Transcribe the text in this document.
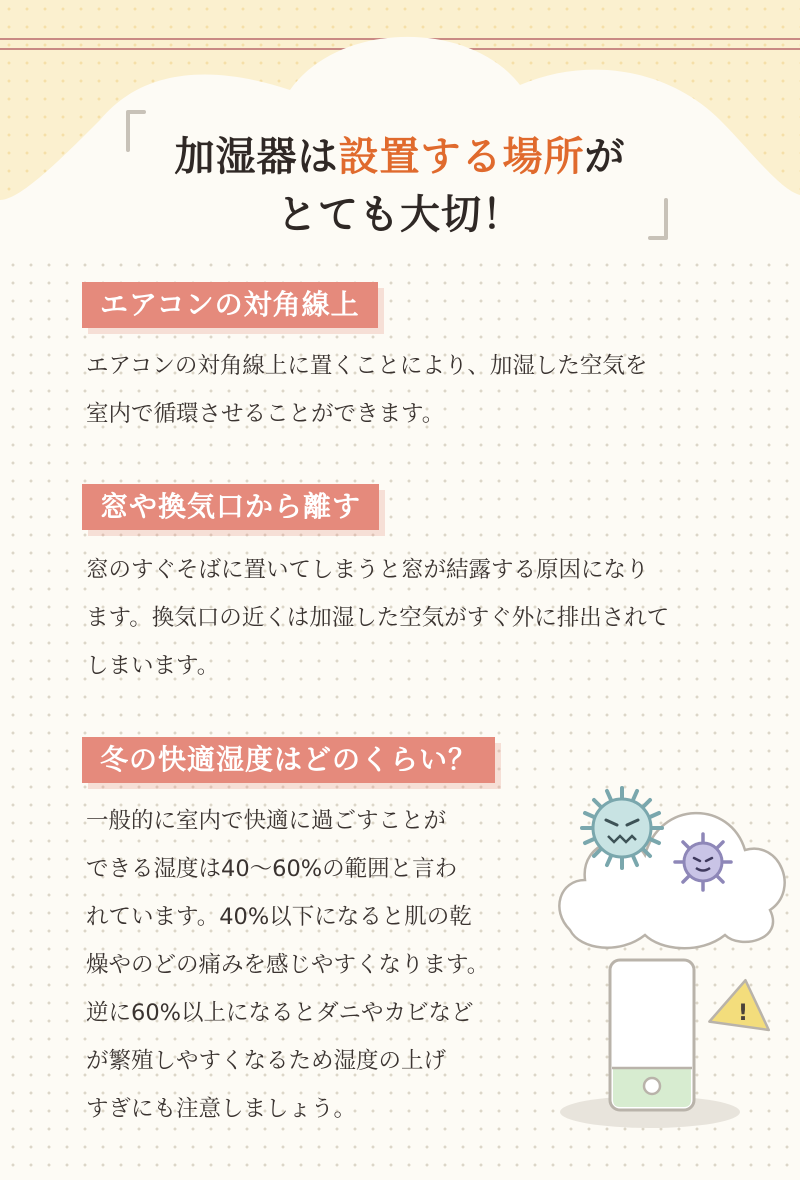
加湿器は設置する場所が
とても大切！
エアコンの対角線上
エアコンの対角線上に置くことにより、加湿した空気を
室内で循環させることができます。
窓や換気口から離す
窓のすぐそばに置いてしまうと窓が結露する原因になり
ます。換気口の近くは加湿した空気がすぐ外に排出されて
しまいます。
冬の快適湿度はどのくらい？
一般的に室内で快適に過ごすことが
できる湿度は40～60%の範囲と言わ
れています。40%以下になると肌の乾
燥やのどの痛みを感じやすくなります。
逆に60%以上になるとダニやカビなど
が繁殖しやすくなるため湿度の上げ
すぎにも注意しましょう。
!
